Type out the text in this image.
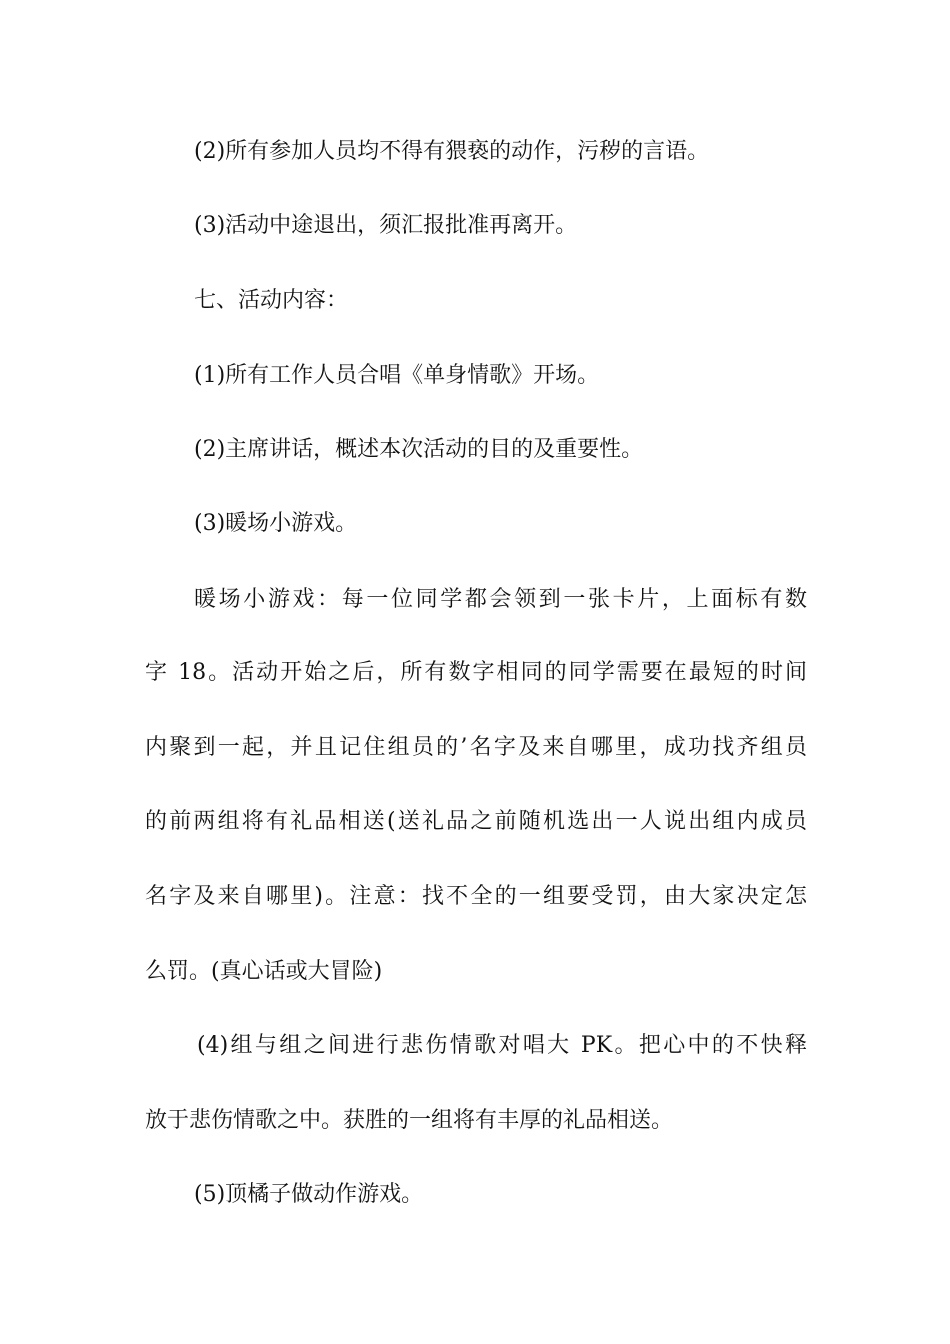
(2)所有参加人员均不得有猥亵的动作，污秽的言语。
(3)活动中途退出，须汇报批准再离开。
七、活动内容：
(1)所有工作人员合唱《单身情歌》开场。
(2)主席讲话，概述本次活动的目的及重要性。
(3)暖场小游戏。
暖场小游戏：每一位同学都会领到一张卡片，上面标有数
字 18。活动开始之后，所有数字相同的同学需要在最短的时间
内聚到一起，并且记住组员的’名字及来自哪里，成功找齐组员
的前两组将有礼品相送(送礼品之前随机选出一人说出组内成员
名字及来自哪里)。注意：找不全的一组要受罚，由大家决定怎
么罚。(真心话或大冒险)
(4)组与组之间进行悲伤情歌对唱大 PK。把心中的不快释
放于悲伤情歌之中。获胜的一组将有丰厚的礼品相送。
(5)顶橘子做动作游戏。
